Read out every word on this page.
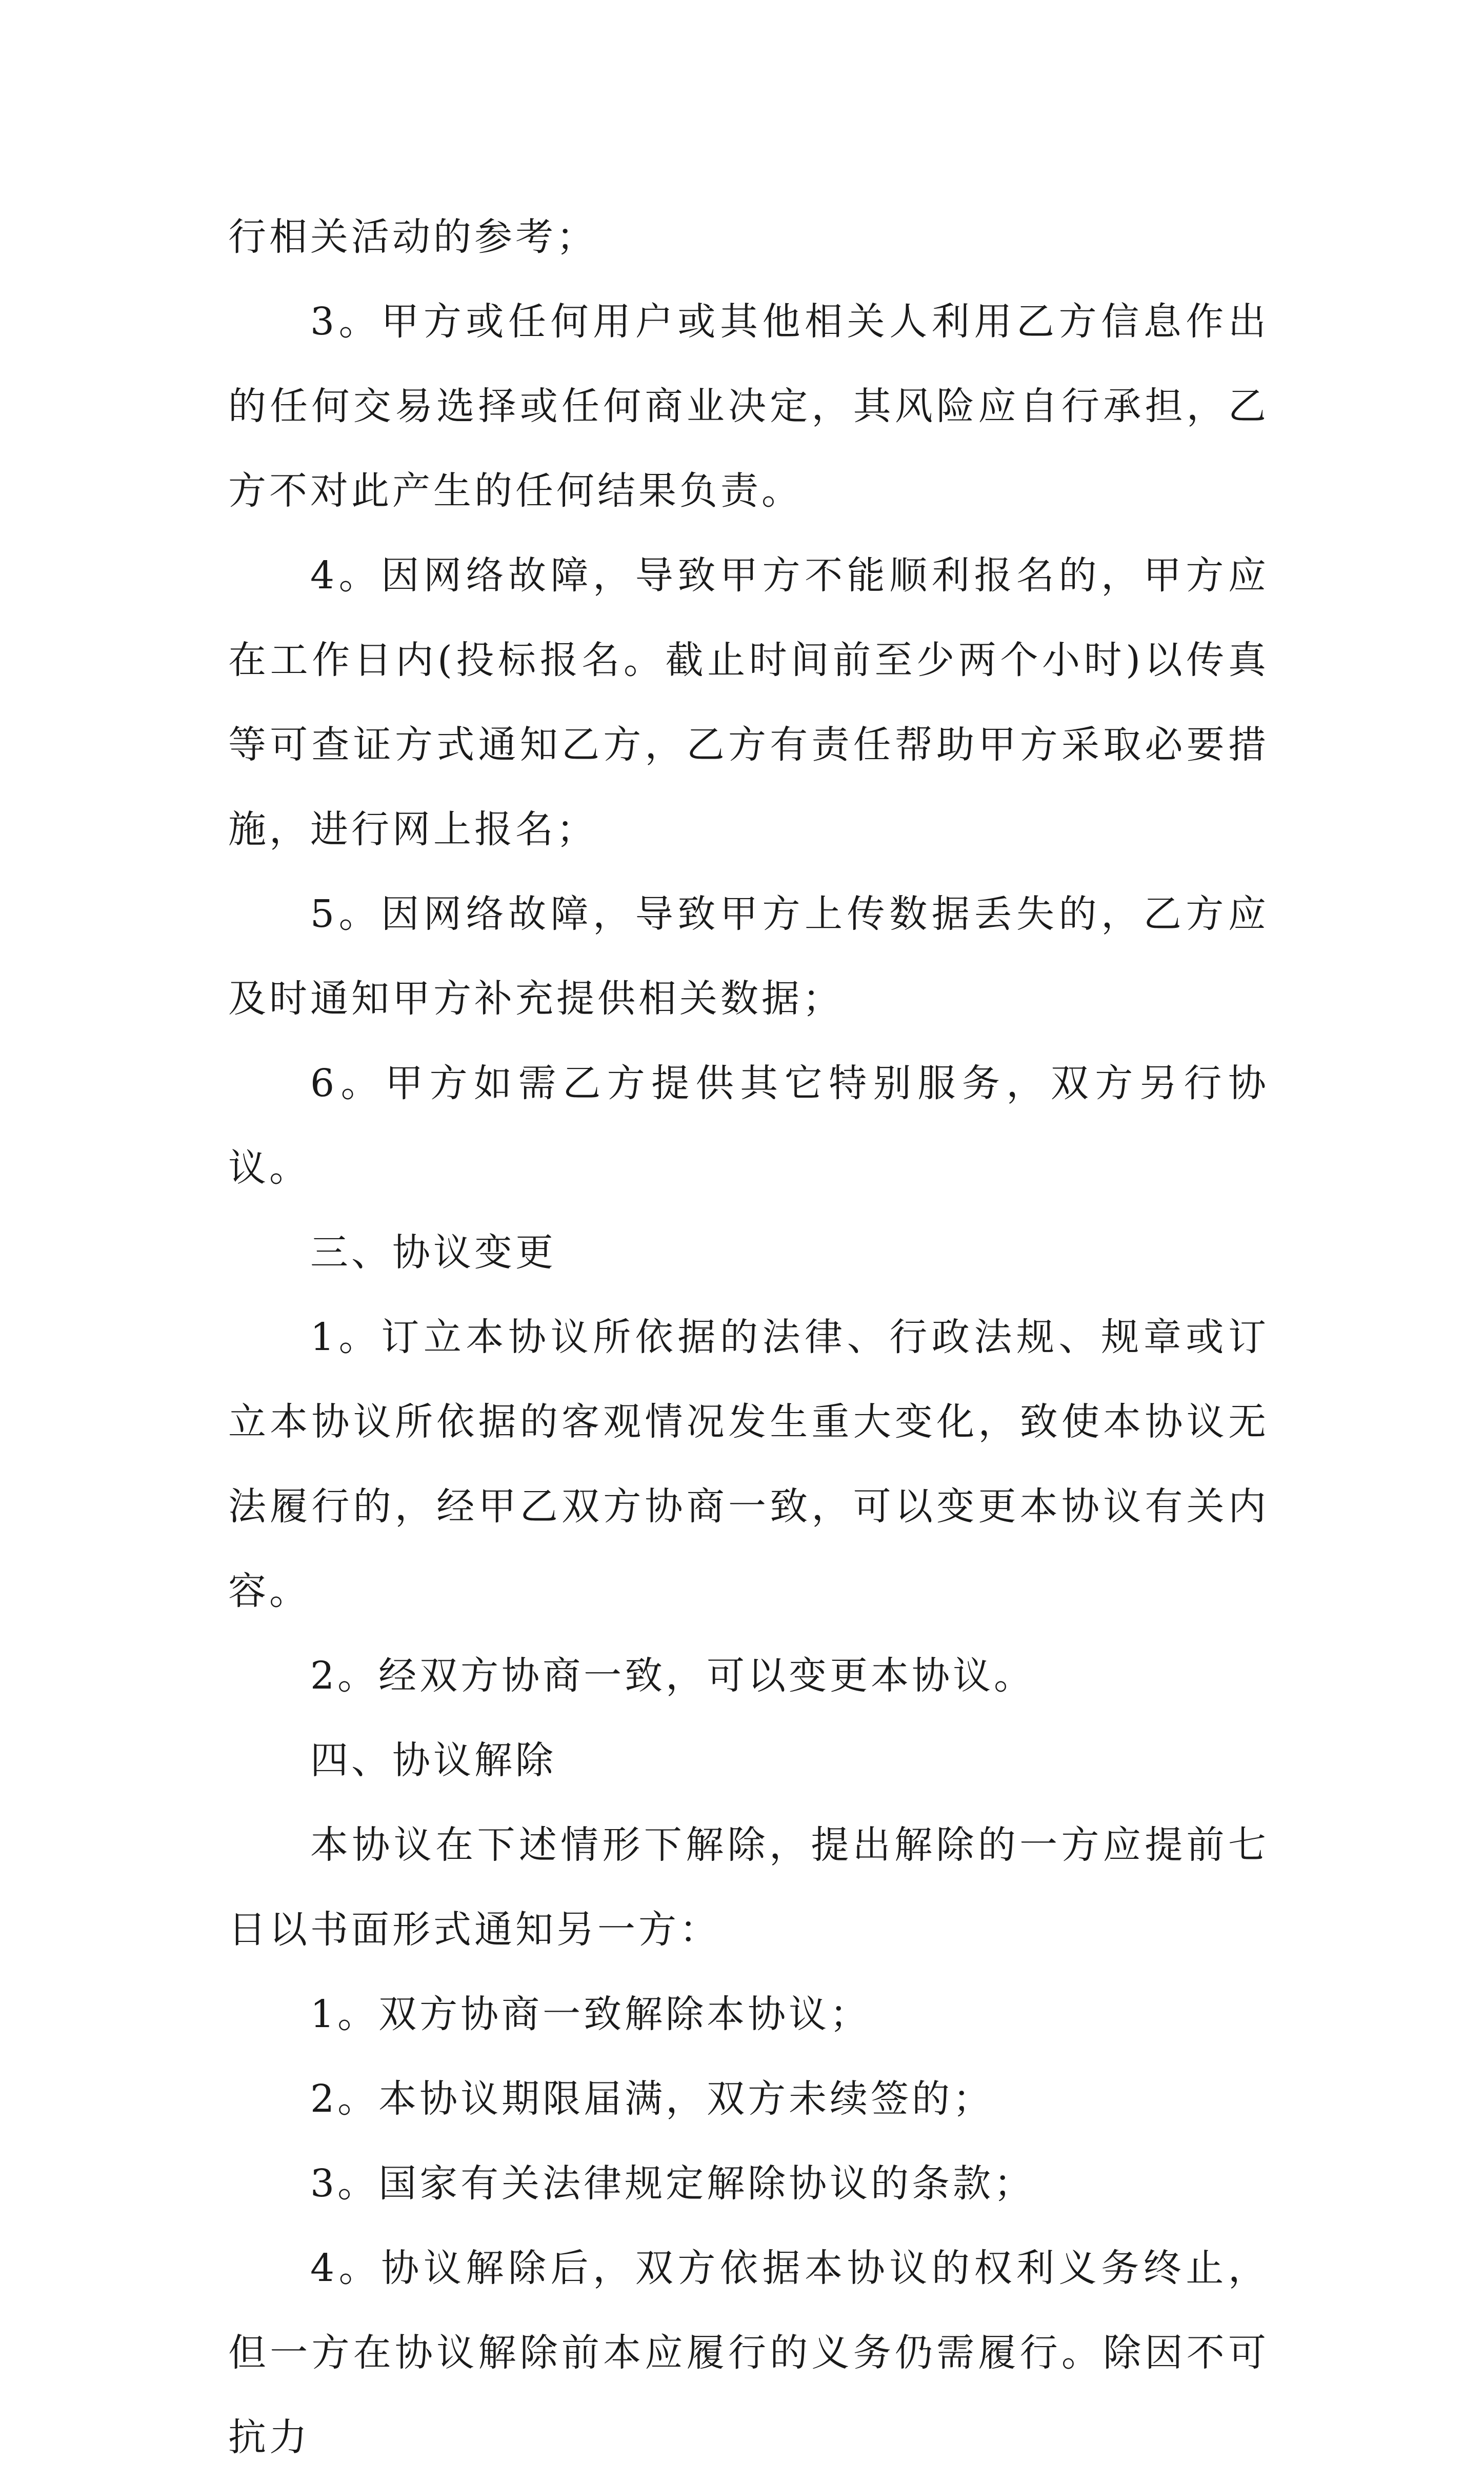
行相关活动的参考；

3。甲方或任何用户或其他相关人利用乙方信息作出的任何交易选择或任何商业决定，其风险应自行承担，乙方不对此产生的任何结果负责。

4。因网络故障，导致甲方不能顺利报名的，甲方应在工作日内(投标报名。截止时间前至少两个小时)以传真等可查证方式通知乙方，乙方有责任帮助甲方采取必要措施，进行网上报名；

5。因网络故障，导致甲方上传数据丢失的，乙方应及时通知甲方补充提供相关数据；

6。甲方如需乙方提供其它特别服务，双方另行协议。

三、协议变更

1。订立本协议所依据的法律、行政法规、规章或订立本协议所依据的客观情况发生重大变化，致使本协议无法履行的，经甲乙双方协商一致，可以变更本协议有关内容。

2。经双方协商一致，可以变更本协议。

四、协议解除

本协议在下述情形下解除，提出解除的一方应提前七日以书面形式通知另一方：

1。双方协商一致解除本协议；

2。本协议期限届满，双方未续签的；

3。国家有关法律规定解除协议的条款；

4。协议解除后，双方依据本协议的权利义务终止，但一方在协议解除前本应履行的义务仍需履行。除因不可抗力
